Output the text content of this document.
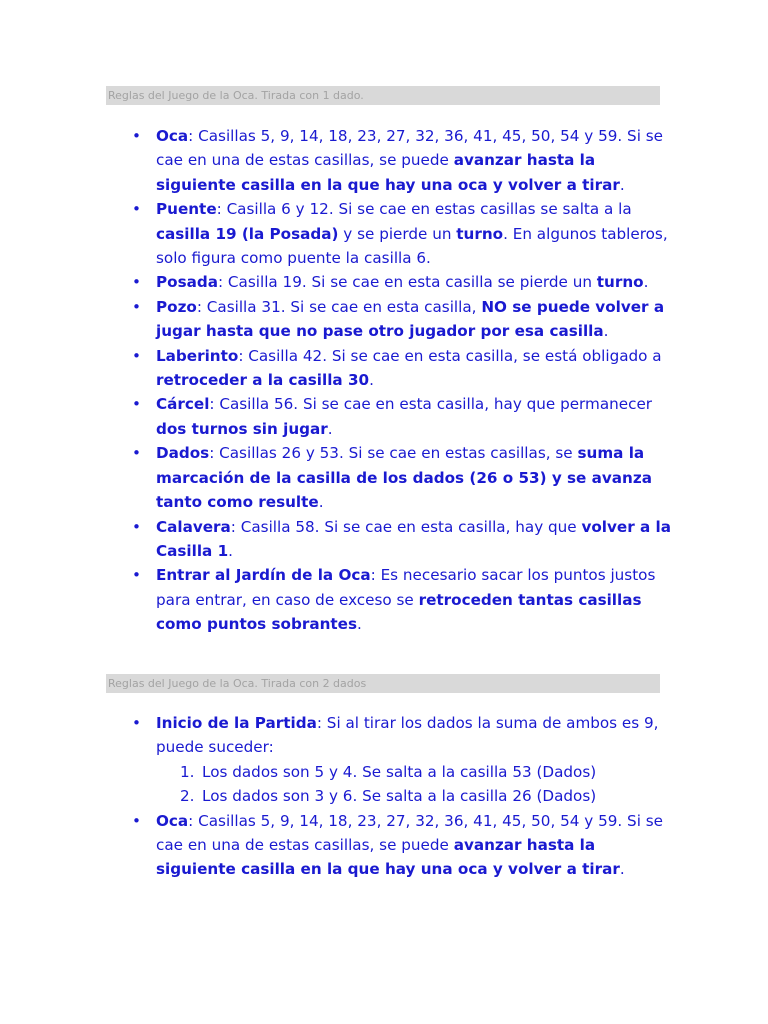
Reglas del Juego de la Oca. Tirada con 1 dado.
• Oca: Casillas 5, 9, 14, 18, 23, 27, 32, 36, 41, 45, 50, 54 y 59. Si se cae en una de estas casillas, se puede avanzar hasta la siguiente casilla en la que hay una oca y volver a tirar.
• Puente: Casilla 6 y 12. Si se cae en estas casillas se salta a la casilla 19 (la Posada) y se pierde un turno. En algunos tableros, solo figura como puente la casilla 6.
• Posada: Casilla 19. Si se cae en esta casilla se pierde un turno.
• Pozo: Casilla 31. Si se cae en esta casilla, NO se puede volver a jugar hasta que no pase otro jugador por esa casilla.
• Laberinto: Casilla 42. Si se cae en esta casilla, se está obligado a retroceder a la casilla 30.
• Cárcel: Casilla 56. Si se cae en esta casilla, hay que permanecer dos turnos sin jugar.
• Dados: Casillas 26 y 53. Si se cae en estas casillas, se suma la marcación de la casilla de los dados (26 o 53) y se avanza tanto como resulte.
• Calavera: Casilla 58. Si se cae en esta casilla, hay que volver a la Casilla 1.
• Entrar al Jardín de la Oca: Es necesario sacar los puntos justos para entrar, en caso de exceso se retroceden tantas casillas como puntos sobrantes.
Reglas del Juego de la Oca. Tirada con 2 dados
• Inicio de la Partida: Si al tirar los dados la suma de ambos es 9, puede suceder:
1. Los dados son 5 y 4. Se salta a la casilla 53 (Dados)
2. Los dados son 3 y 6. Se salta a la casilla 26 (Dados)
• Oca: Casillas 5, 9, 14, 18, 23, 27, 32, 36, 41, 45, 50, 54 y 59. Si se cae en una de estas casillas, se puede avanzar hasta la siguiente casilla en la que hay una oca y volver a tirar.
